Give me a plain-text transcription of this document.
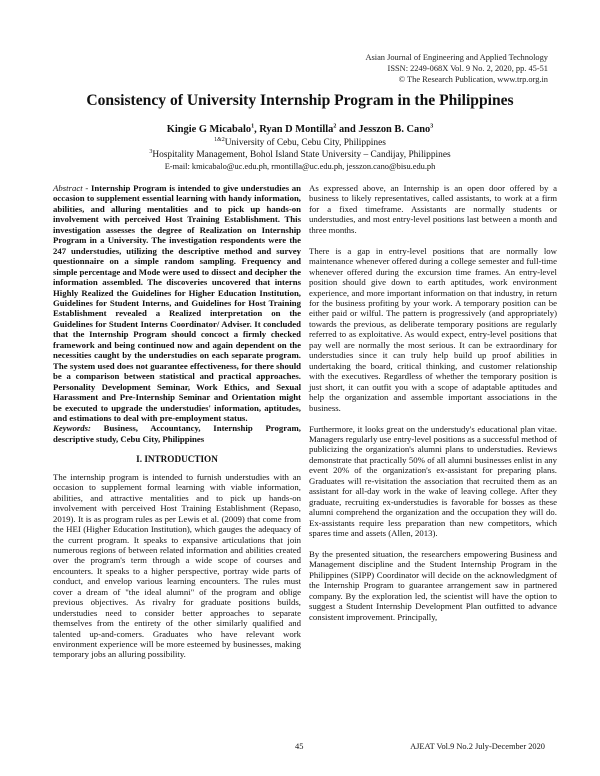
Asian Journal of Engineering and Applied Technology
ISSN: 2249-068X Vol. 9 No. 2, 2020, pp. 45-51
© The Research Publication, www.trp.org.in
Consistency of University Internship Program in the Philippines
Kingie G Micabalo$^1$, Ryan D Montilla$^2$ and Jesszon B. Cano$^3$
$^{1\&2}$University of Cebu, Cebu City, Philippines
$^3$Hospitality Management, Bohol Island State University – Candijay, Philippines
E-mail: kmicabalo@uc.edu.ph, rmontilla@uc.edu.ph, jesszon.cano@bisu.edu.ph

Abstract - Internship Program is intended to give understudies an occasion to supplement essential learning with handy information, abilities, and alluring mentalities and to pick up hands-on involvement with perceived Host Training Establishment. This investigation assesses the degree of Realization on Internship Program in a University. The investigation respondents were the 247 understudies, utilizing the descriptive method and survey questionnaire on a simple random sampling. Frequency and simple percentage and Mode were used to dissect and decipher the information assembled. The discoveries uncovered that interns Highly Realized the Guidelines for Higher Education Institution, Guidelines for Student Interns, and Guidelines for Host Training Establishment revealed a Realized interpretation on the Guidelines for Student Interns Coordinator/ Adviser. It concluded that the Internship Program should concoct a firmly checked framework and being continued now and again dependent on the necessities caught by the understudies on each separate program. The system used does not guarantee effectiveness, for there should be a comparison between statistical and practical approaches. Personality Development Seminar, Work Ethics, and Sexual Harassment and Pre-Internship Seminar and Orientation might be executed to upgrade the understudies' information, aptitudes, and estimations to deal with pre-employment status.

Keywords: Business, Accountancy, Internship Program, descriptive study, Cebu City, Philippines

I. INTRODUCTION

The internship program is intended to furnish understudies with an occasion to supplement formal learning with viable information, abilities, and attractive mentalities and to pick up hands-on involvement with perceived Host Training Establishment (Repaso, 2019). It is as program rules as per Lewis et al. (2009) that come from the HEI (Higher Education Institution), which gauges the adequacy of the current program. It speaks to expansive articulations that join numerous regions of between related information and abilities created over the program's term through a wide scope of courses and encounters. It speaks to a higher perspective, portray wide parts of conduct, and envelop various learning encounters. The rules must cover a dream of "the ideal alumni" of the program and oblige previous objectives. As rivalry for graduate positions builds, understudies need to consider better approaches to separate themselves from the entirety of the other similarly qualified and talented up-and-comers. Graduates who have relevant work environment experience will be more esteemed by businesses, making temporary jobs an alluring possibility.

As expressed above, an Internship is an open door offered by a business to likely representatives, called assistants, to work at a firm for a fixed timeframe. Assistants are normally students or understudies, and most entry-level positions last between a month and three months.

There is a gap in entry-level positions that are normally low maintenance whenever offered during a college semester and full-time whenever offered during the excursion time frames. An entry-level position should give down to earth aptitudes, work environment experience, and more important information on that industry, in return for the business profiting by your work. A temporary position can be either paid or wilful. The pattern is progressively (and appropriately) towards the previous, as deliberate temporary positions are regularly referred to as exploitative. As would expect, entry-level positions that pay well are normally the most serious. It can be extraordinary for understudies since it can truly help build up proof abilities in undertaking the board, critical thinking, and customer relationship with the executives. Regardless of whether the temporary position is just short, it can outfit you with a scope of adaptable aptitudes and help the organization and assemble important associations in the business.

Furthermore, it looks great on the understudy's educational plan vitae. Managers regularly use entry-level positions as a successful method of publicizing the organization's alumni plans to understudies. Reviews demonstrate that practically 50% of all alumni businesses enlist in any event 20% of the organization's ex-assistant for preparing plans. Graduates will re-visitation the association that recruited them as an assistant for all-day work in the wake of leaving college. After they graduate, recruiting ex-understudies is favorable for bosses as these alumni comprehend the organization and the occupation they will do. Ex-assistants require less preparation than new competitors, which spares time and assets (Allen, 2013).

By the presented situation, the researchers empowering Business and Management discipline and the Student Internship Program in the Philippines (SIPP) Coordinator will decide on the acknowledgment of the Internship Program to guarantee arrangement saw in partnered company. By the exploration led, the scientist will have the option to suggest a Student Internship Development Plan outfitted to advance consistent improvement. Principally,

45	AJEAT Vol.9 No.2 July-December 2020
